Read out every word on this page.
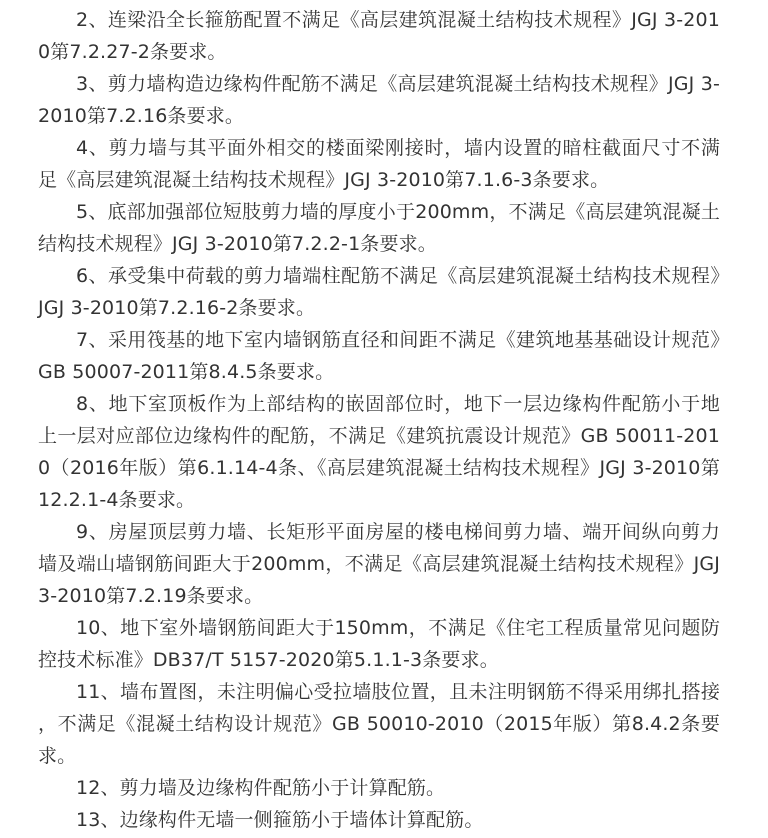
2、连梁沿全长箍筋配置不满足《高层建筑混凝土结构技术规程》JGJ 3-2010第7.2.27-2条要求。

3、剪力墙构造边缘构件配筋不满足《高层建筑混凝土结构技术规程》JGJ 3-2010第7.2.16条要求。

4、剪力墙与其平面外相交的楼面梁刚接时，墙内设置的暗柱截面尺寸不满足《高层建筑混凝土结构技术规程》JGJ 3-2010第7.1.6-3条要求。

5、底部加强部位短肢剪力墙的厚度小于200mm，不满足《高层建筑混凝土结构技术规程》JGJ 3-2010第7.2.2-1条要求。

6、承受集中荷载的剪力墙端柱配筋不满足《高层建筑混凝土结构技术规程》JGJ 3-2010第7.2.16-2条要求。

7、采用筏基的地下室内墙钢筋直径和间距不满足《建筑地基基础设计规范》GB 50007-2011第8.4.5条要求。

8、地下室顶板作为上部结构的嵌固部位时，地下一层边缘构件配筋小于地上一层对应部位边缘构件的配筋，不满足《建筑抗震设计规范》GB 50011-2010（2016年版）第6.1.14-4条、《高层建筑混凝土结构技术规程》JGJ 3-2010第12.2.1-4条要求。

9、房屋顶层剪力墙、长矩形平面房屋的楼电梯间剪力墙、端开间纵向剪力墙及端山墙钢筋间距大于200mm，不满足《高层建筑混凝土结构技术规程》JGJ 3-2010第7.2.19条要求。

10、地下室外墙钢筋间距大于150mm，不满足《住宅工程质量常见问题防控技术标准》DB37/T 5157-2020第5.1.1-3条要求。

11、墙布置图，未注明偏心受拉墙肢位置，且未注明钢筋不得采用绑扎搭接，不满足《混凝土结构设计规范》GB 50010-2010（2015年版）第8.4.2条要求。

12、剪力墙及边缘构件配筋小于计算配筋。

13、边缘构件无墙一侧箍筋小于墙体计算配筋。
